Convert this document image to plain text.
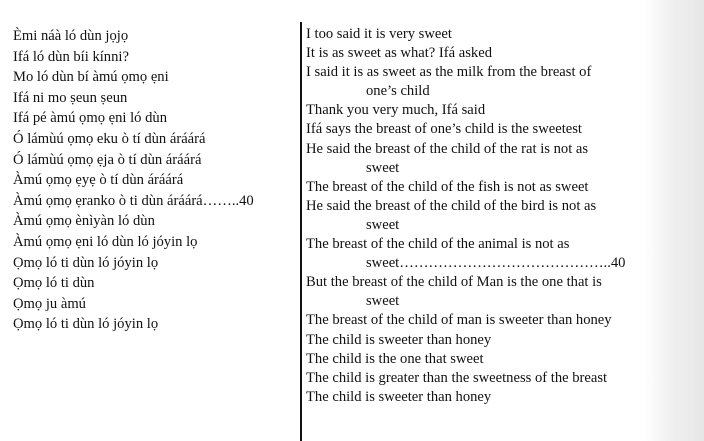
Èmi náà ló dùn jọjọ
Ifá ló dùn bíi kínni?
Mo ló dùn bí àmú ọmọ ẹni
Ifá ni mo ṣeun ṣeun
Ifá pé àmú ọmọ ẹni ló dùn
Ó lámùú ọmọ eku ò tí dùn áráárá
Ó lámùú ọmọ ẹja ò tí dùn áráárá
Àmú ọmọ ẹyẹ ò tí dùn áráárá
Àmú ọmọ ẹranko ò ti dùn áráárá……..40
Àmú ọmọ ènìyàn ló dùn
Àmú ọmọ ẹni ló dùn ló jóyin lọ
Ọmọ ló ti dùn ló jóyin lọ
Ọmọ ló ti dùn
Ọmọ ju àmú
Ọmọ ló ti dùn ló jóyin lọ
I too said it is very sweet
It is as sweet as what? Ifá asked
I said it is as sweet as the milk from the breast of
one’s child
Thank you very much, Ifá said
Ifá says the breast of one’s child is the sweetest
He said the breast of the child of the rat is not as
sweet
The breast of the child of the fish is not as sweet
He said the breast of the child of the bird is not as
sweet
The breast of the child of the animal is not as
sweet……………………………………..40
But the breast of the child of Man is the one that is
sweet
The breast of the child of man is sweeter than honey
The child is sweeter than honey
The child is the one that sweet
The child is greater than the sweetness of the breast
The child is sweeter than honey
